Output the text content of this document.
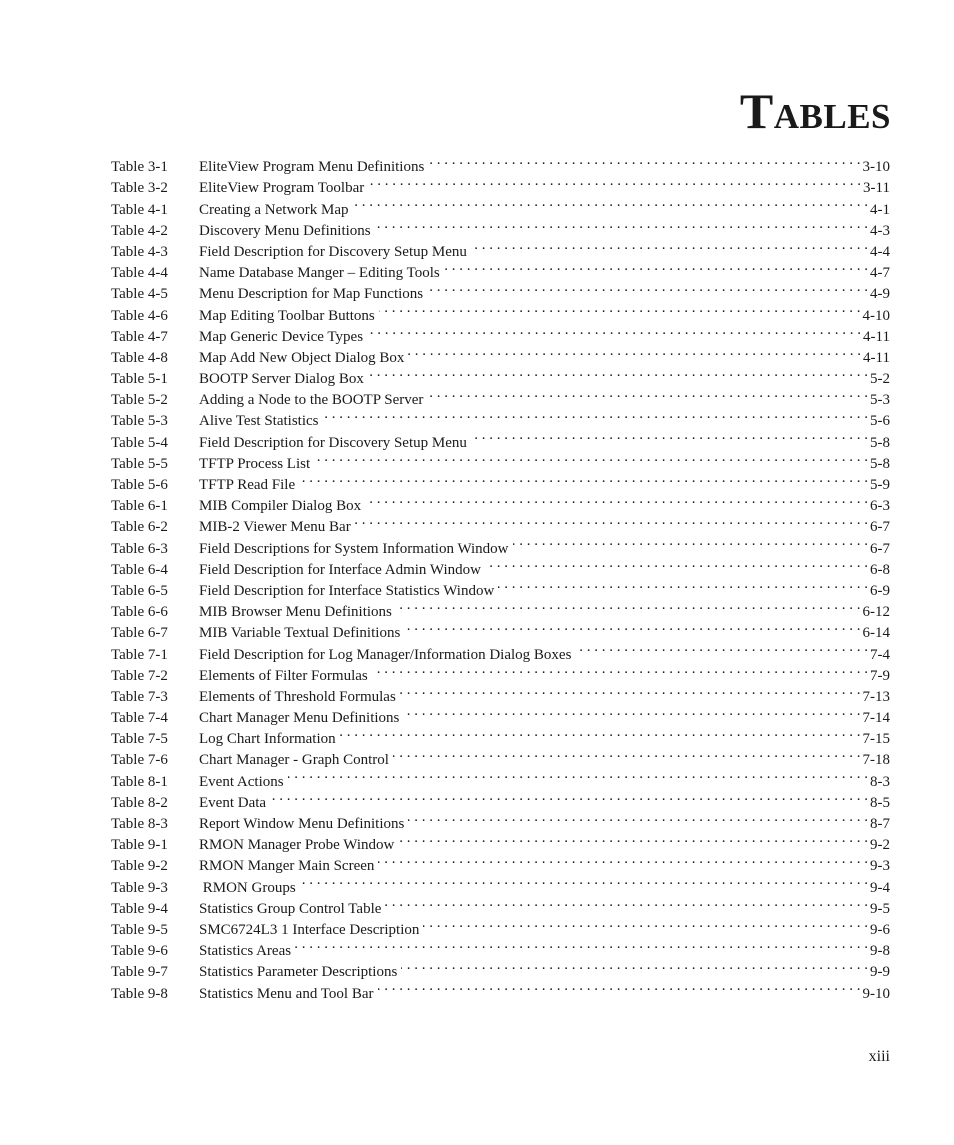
Tables
Table 3-1	EliteView Program Menu Definitions . . .	3-10
Table 3-2	EliteView Program Toolbar . . .	3-11
Table 4-1	Creating a Network Map . . .	4-1
Table 4-2	Discovery Menu Definitions . . .	4-3
Table 4-3	Field Description for Discovery Setup Menu . . .	4-4
Table 4-4	Name Database Manger – Editing Tools . . .	4-7
Table 4-5	Menu Description for Map Functions . . .	4-9
Table 4-6	Map Editing Toolbar Buttons . . .	4-10
Table 4-7	Map Generic Device Types . . .	4-11
Table 4-8	Map Add New Object Dialog Box . . .	4-11
Table 5-1	BOOTP Server Dialog Box . . .	5-2
Table 5-2	Adding a Node to the BOOTP Server . . .	5-3
Table 5-3	Alive Test Statistics . . .	5-6
Table 5-4	Field Description for Discovery Setup Menu . . .	5-8
Table 5-5	TFTP Process List . . .	5-8
Table 5-6	TFTP Read File . . .	5-9
Table 6-1	MIB Compiler Dialog Box . . .	6-3
Table 6-2	MIB-2 Viewer Menu Bar . . .	6-7
Table 6-3	Field Descriptions for System Information Window . . .	6-7
Table 6-4	Field Description for Interface Admin Window . . .	6-8
Table 6-5	Field Description for Interface Statistics Window . . .	6-9
Table 6-6	MIB Browser Menu Definitions . . .	6-12
Table 6-7	MIB Variable Textual Definitions . . .	6-14
Table 7-1	Field Description for Log Manager/Information Dialog Boxes . . .	7-4
Table 7-2	Elements of Filter Formulas . . .	7-9
Table 7-3	Elements of Threshold Formulas . . .	7-13
Table 7-4	Chart Manager Menu Definitions . . .	7-14
Table 7-5	Log Chart Information . . .	7-15
Table 7-6	Chart Manager - Graph Control . . .	7-18
Table 8-1	Event Actions . . .	8-3
Table 8-2	Event Data . . .	8-5
Table 8-3	Report Window Menu Definitions . . .	8-7
Table 9-1	RMON Manager Probe Window . . .	9-2
Table 9-2	RMON Manger Main Screen . . .	9-3
Table 9-3	RMON Groups . . .	9-4
Table 9-4	Statistics Group Control Table . . .	9-5
Table 9-5	SMC6724L3 1 Interface Description . . .	9-6
Table 9-6	Statistics Areas . . .	9-8
Table 9-7	Statistics Parameter Descriptions . . .	9-9
Table 9-8	Statistics Menu and Tool Bar . . .	9-10
xiii
